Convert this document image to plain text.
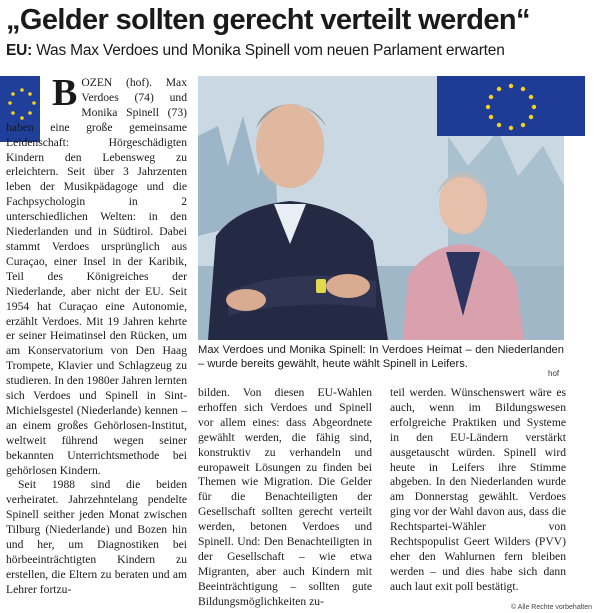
„Gelder sollten gerecht verteilt werden“

EU: Was Max Verdoes und Monika Spinell vom neuen Parlament erwarten

Max Verdoes und Monika Spinell: In Verdoes Heimat – den Niederlanden – wurde bereits gewählt, heute wählt Spinell in Leifers.
hof

BOZEN (hof). Max Verdoes (74) und Monika Spinell (73) haben eine große gemeinsame Leidenschaft: Hörgeschädigten Kindern den Lebensweg zu erleichtern. Seit über 3 Jahrzenten leben der Musikpädagoge und die Fachpsychologin in 2 unterschiedlichen Welten: in den Niederlanden und in Südtirol. Dabei stammt Verdoes ursprünglich aus Curaçao, einer Insel in der Karibik, Teil des Königreiches der Niederlande, aber nicht der EU. Seit 1954 hat Curaçao eine Autonomie, erzählt Verdoes. Mit 19 Jahren kehrte er seiner Heimatinsel den Rücken, um am Konservatorium von Den Haag Trompete, Klavier und Schlagzeug zu studieren. In den 1980er Jahren lernten sich Verdoes und Spinell in Sint-Michielsgestel (Niederlande) kennen – an einem großes Gehörlosen-Institut, weltweit führend wegen seiner bekannten Unterrichtsmethode bei gehörlosen Kindern.

Seit 1988 sind die beiden verheiratet. Jahrzehntelang pendelte Spinell seither jeden Monat zwischen Tilburg (Niederlande) und Bozen hin und her, um Diagnostiken bei hörbeeinträchtigten Kindern zu erstellen, die Eltern zu beraten und am Lehrer fortzu-

bilden. Von diesen EU-Wahlen erhoffen sich Verdoes und Spinell vor allem eines: dass Abgeordnete gewählt werden, die fähig sind, konstruktiv zu verhandeln und europaweit Lösungen zu finden bei Themen wie Migration. Die Gelder für die Benachteiligten der Gesellschaft sollten gerecht verteilt werden, betonen Verdoes und Spinell. Und: Den Benachteiligten in der Gesellschaft – wie etwa Migranten, aber auch Kindern mit Beeinträchtigung – sollten gute Bildungsmöglichkeiten zu-

teil werden. Wünschenswert wäre es auch, wenn im Bildungswesen erfolgreiche Praktiken und Systeme in den EU-Ländern verstärkt ausgetauscht würden. Spinell wird heute in Leifers ihre Stimme abgeben. In den Niederlanden wurde am Donnerstag gewählt. Verdoes ging vor der Wahl davon aus, dass die Rechtspartei-Wähler von Rechtspopulist Geert Wilders (PVV) eher den Wahlurnen fern bleiben werden – und dies habe sich dann auch laut exit poll bestätigt.

© Alle Rechte vorbehalten
